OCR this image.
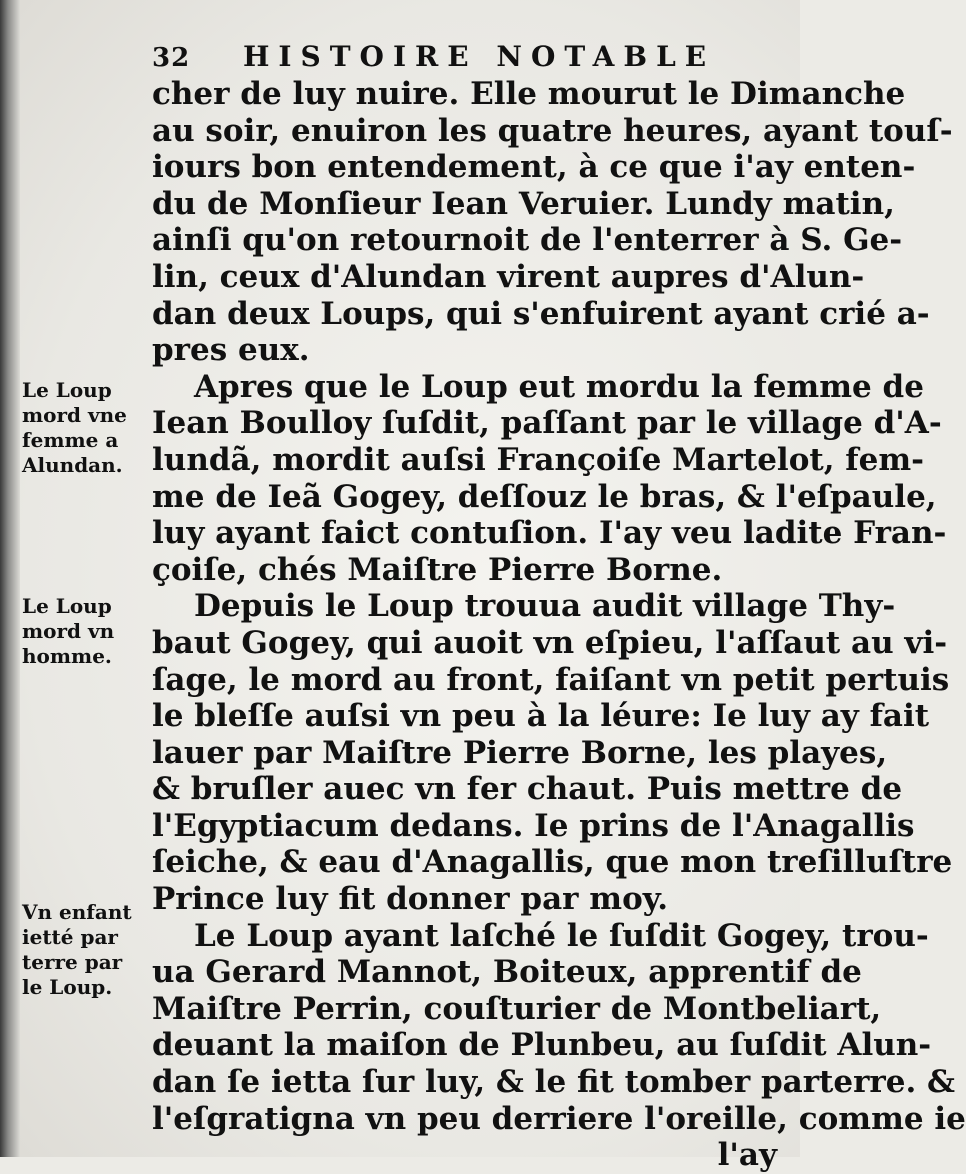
32 HISTOIRE NOTABLE
cher de luy nuire. Elle mourut le Dimanche
au soir, enuiron les quatre heures, ayant touſ-
iours bon entendement, à ce que i'ay enten-
du de Monſieur Iean Veruier. Lundy matin,
ainſi qu'on retournoit de l'enterrer à S. Ge-
lin, ceux d'Alundan virent aupres d'Alun-
dan deux Loups, qui s'enfuirent ayant crié a-
pres eux.
Apres que le Loup eut mordu la femme de
Iean Boulloy ſuſdit, paſſant par le village d'A-
lundã, mordit auſsi Françoiſe Martelot, fem-
me de Ieã Gogey, deſſouz le bras, & l'eſpaule,
luy ayant faict contuſion. I'ay veu ladite Fran-
çoiſe, chés Maiſtre Pierre Borne.
Depuis le Loup trouua audit village Thy-
baut Gogey, qui auoit vn eſpieu, l'aſſaut au vi-
ſage, le mord au front, faiſant vn petit pertuis
le bleſſe auſsi vn peu à la léure: Ie luy ay fait
lauer par Maiſtre Pierre Borne, les playes,
& bruſler auec vn fer chaut. Puis mettre de
l'Egyptiacum dedans. Ie prins de l'Anagallis
ſeiche, & eau d'Anagallis, que mon treſilluſtre
Prince luy fit donner par moy.
Le Loup ayant laſché le ſuſdit Gogey, trou-
ua Gerard Mannot, Boiteux, apprentif de
Maiſtre Perrin, couſturier de Montbeliart,
deuant la maiſon de Plunbeu, au ſuſdit Alun-
dan ſe ietta ſur luy, & le fit tomber parterre. &
l'eſgratigna vn peu derriere l'oreille, comme ie
l'ay
Le Loup
mord vne
femme a
Alundan.
Le Loup
mord vn
homme.
Vn enfant
ietté par
terre par
le Loup.
